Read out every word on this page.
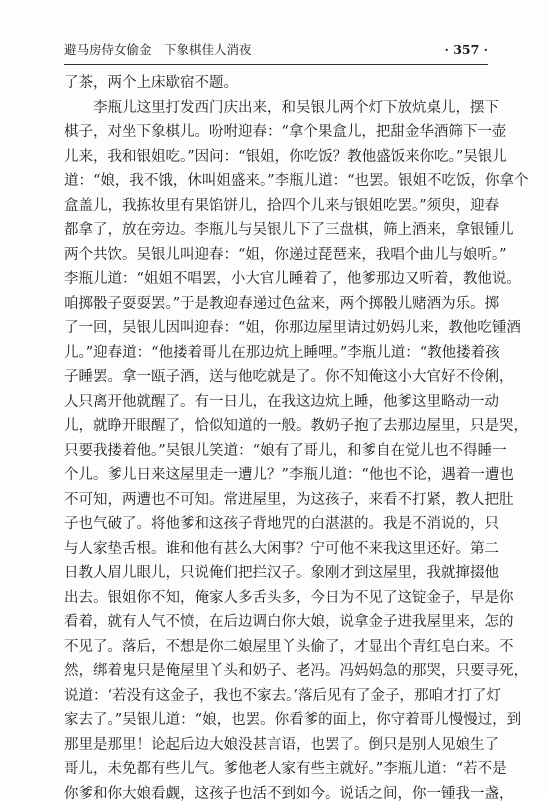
避马房侍女偷金　下象棋佳人消夜	· 357 ·
了茶，两个上床歇宿不题。
李瓶儿这里打发西门庆出来，和吴银儿两个灯下放炕桌儿，摆下
棋子，对坐下象棋儿。吩咐迎春：“拿个果盒儿，把甜金华酒筛下一壶
儿来，我和银姐吃。”因问：“银姐，你吃饭？教他盛饭来你吃。”吴银儿
道：“娘，我不饿，休叫姐盛来。”李瓶儿道：“也罢。银姐不吃饭，你拿个
盒盖儿，我拣妆里有果馅饼儿，拾四个儿来与银姐吃罢。”须臾，迎春
都拿了，放在旁边。李瓶儿与吴银儿下了三盘棋，筛上酒来，拿银锺儿
两个共饮。吴银儿叫迎春：“姐，你递过琵琶来，我唱个曲儿与娘听。”
李瓶儿道：“姐姐不唱罢，小大官儿睡着了，他爹那边又听着，教他说。
咱掷骰子耍耍罢。”于是教迎春递过色盆来，两个掷骰儿赌酒为乐。掷
了一回，吴银儿因叫迎春：“姐，你那边屋里请过奶妈儿来，教他吃锺酒
儿。”迎春道：“他搂着哥儿在那边炕上睡哩。”李瓶儿道：“教他搂着孩
子睡罢。拿一瓯子酒，送与他吃就是了。你不知俺这小大官好不伶俐，
人只离开他就醒了。有一日儿，在我这边炕上睡，他爹这里略动一动
儿，就睁开眼醒了，恰似知道的一般。教奶子抱了去那边屋里，只是哭，
只要我搂着他。”吴银儿笑道：“娘有了哥儿，和爹自在觉儿也不得睡一
个儿。爹儿日来这屋里走一遭儿？”李瓶儿道：“他也不论，遇着一遭也
不可知，两遭也不可知。常进屋里，为这孩子，来看不打紧，教人把肚
子也气破了。将他爹和这孩子背地咒的白湛湛的。我是不消说的，只
与人家垫舌根。谁和他有甚么大闲事？宁可他不来我这里还好。第二
日教人眉儿眼儿，只说俺们把拦汉子。象刚才到这屋里，我就撺掇他
出去。银姐你不知，俺家人多舌头多，今日为不见了这锭金子，早是你
看着，就有人气不愤，在后边调白你大娘，说拿金子进我屋里来，怎的
不见了。落后，不想是你二娘屋里丫头偷了，才显出个青红皂白来。不
然，绑着鬼只是俺屋里丫头和奶子、老冯。冯妈妈急的那哭，只要寻死，
说道：‘若没有这金子，我也不家去。’落后见有了金子，那咱才打了灯
家去了。”吴银儿道：“娘，也罢。你看爹的面上，你守着哥儿慢慢过，到
那里是那里！论起后边大娘没甚言语，也罢了。倒只是别人见娘生了
哥儿，未免都有些儿气。爹他老人家有些主就好。”李瓶儿道：“若不是
你爹和你大娘看觑，这孩子也活不到如今。说话之间，你一锺我一盏，
